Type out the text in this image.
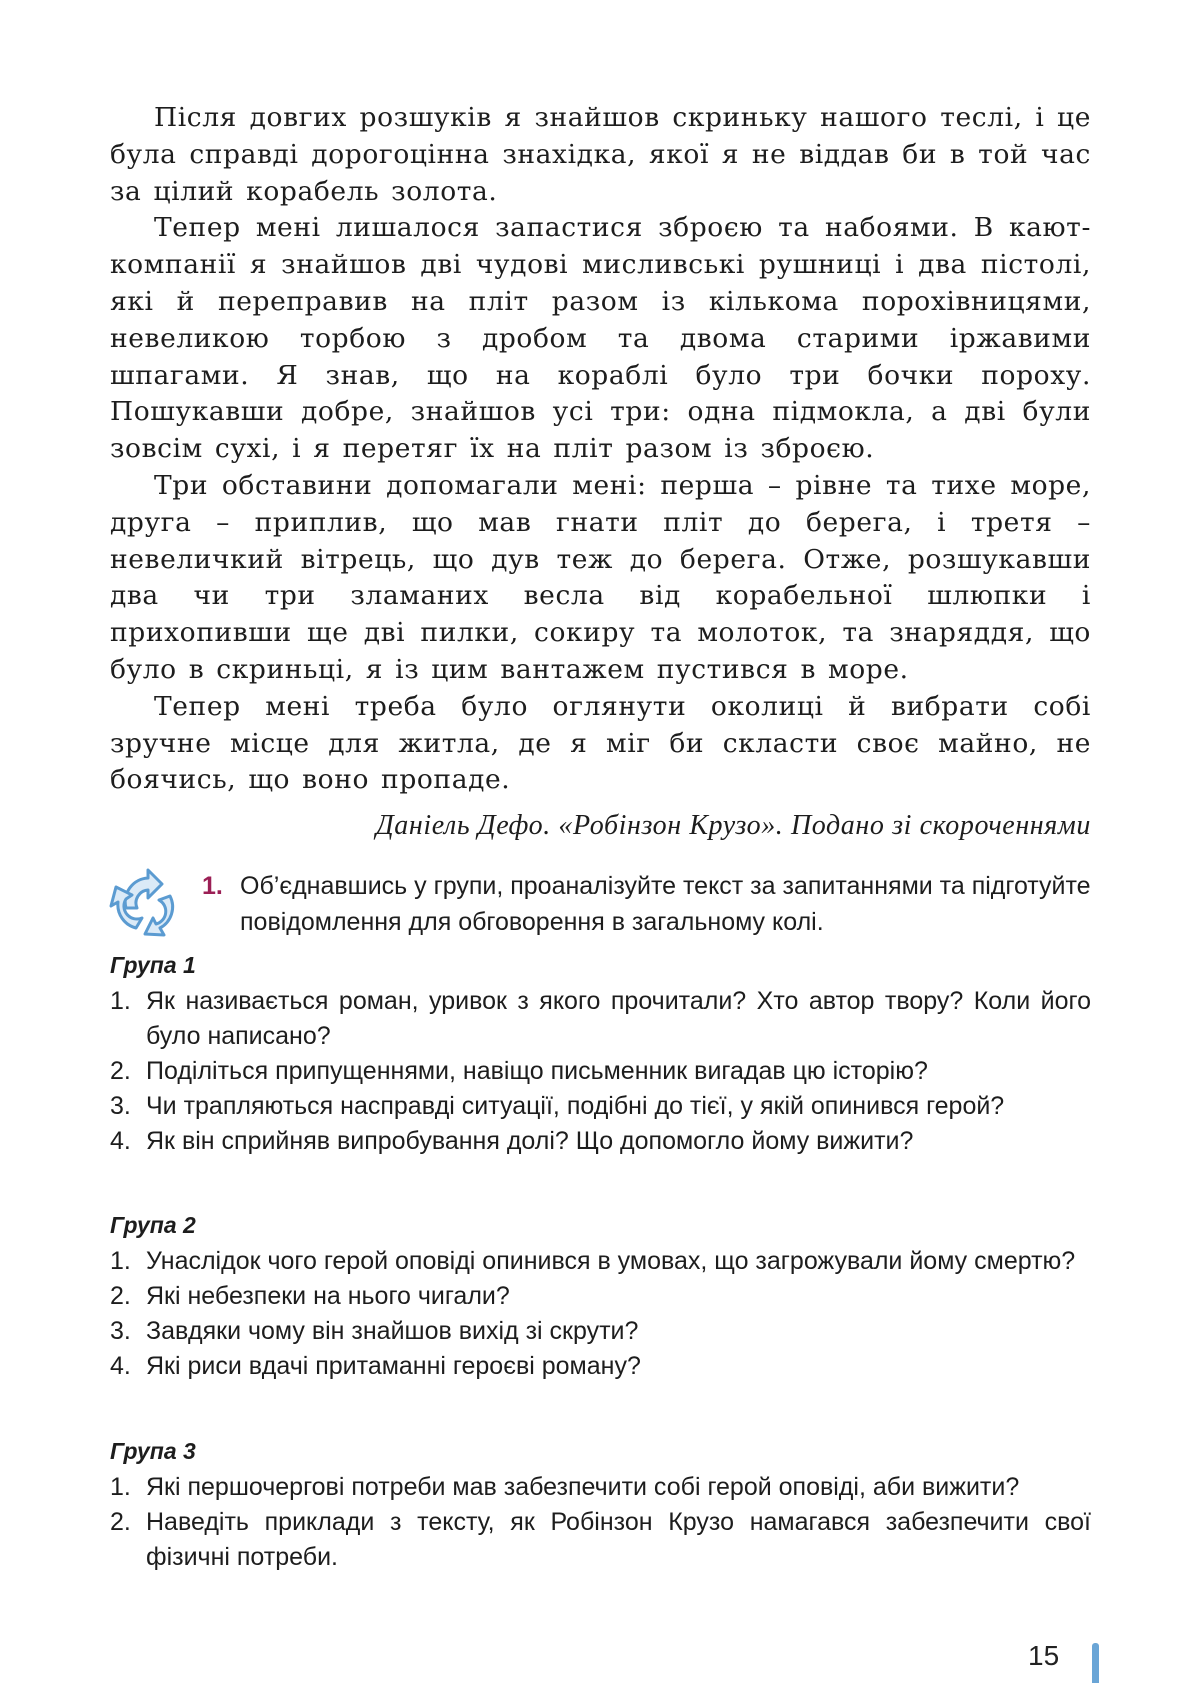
Після довгих розшуків я знайшов скриньку нашого теслі, і це була справді дорогоцінна знахідка, якої я не віддав би в той час за цілий корабель золота.

Тепер мені лишалося запастися зброєю та набоями. В кают-компанії я знайшов дві чудові мисливські рушниці і два пістолі, які й переправив на пліт разом із кількома порохівницями, невеликою торбою з дробом та двома старими іржавими шпагами. Я знав, що на кораблі було три бочки пороху. Пошукавши добре, знайшов усі три: одна підмокла, а дві були зовсім сухі, і я перетяг їх на пліт разом із зброєю.

Три обставини допомагали мені: перша – рівне та тихе море, друга – приплив, що мав гнати пліт до берега, і третя – невеличкий вітрець, що дув теж до берега. Отже, розшукавши два чи три зламаних весла від корабельної шлюпки і прихопивши ще дві пилки, сокиру та молоток, та знаряддя, що було в скриньці, я із цим вантажем пустився в море.

Тепер мені треба було оглянути околиці й вибрати собі зручне місце для житла, де я міг би скласти своє майно, не боячись, що воно пропаде.

Даніель Дефо. «Робінзон Крузо». Подано зі скороченнями
1. Об’єднавшись у групи, проаналізуйте текст за запитаннями та підготуйте повідомлення для обговорення в загальному колі.
Група 1
1. Як називається роман, уривок з якого прочитали? Хто автор твору? Коли його було написано?
2. Поділіться припущеннями, навіщо письменник вигадав цю історію?
3. Чи трапляються насправді ситуації, подібні до тієї, у якій опинився герой?
4. Як він сприйняв випробування долі? Що допомогло йому вижити?
Група 2
1. Унаслідок чого герой оповіді опинився в умовах, що загрожували йому смертю?
2. Які небезпеки на нього чигали?
3. Завдяки чому він знайшов вихід зі скрути?
4. Які риси вдачі притаманні героєві роману?
Група 3
1. Які першочергові потреби мав забезпечити собі герой оповіді, аби вижити?
2. Наведіть приклади з тексту, як Робінзон Крузо намагався забезпечити свої фізичні потреби.
15
